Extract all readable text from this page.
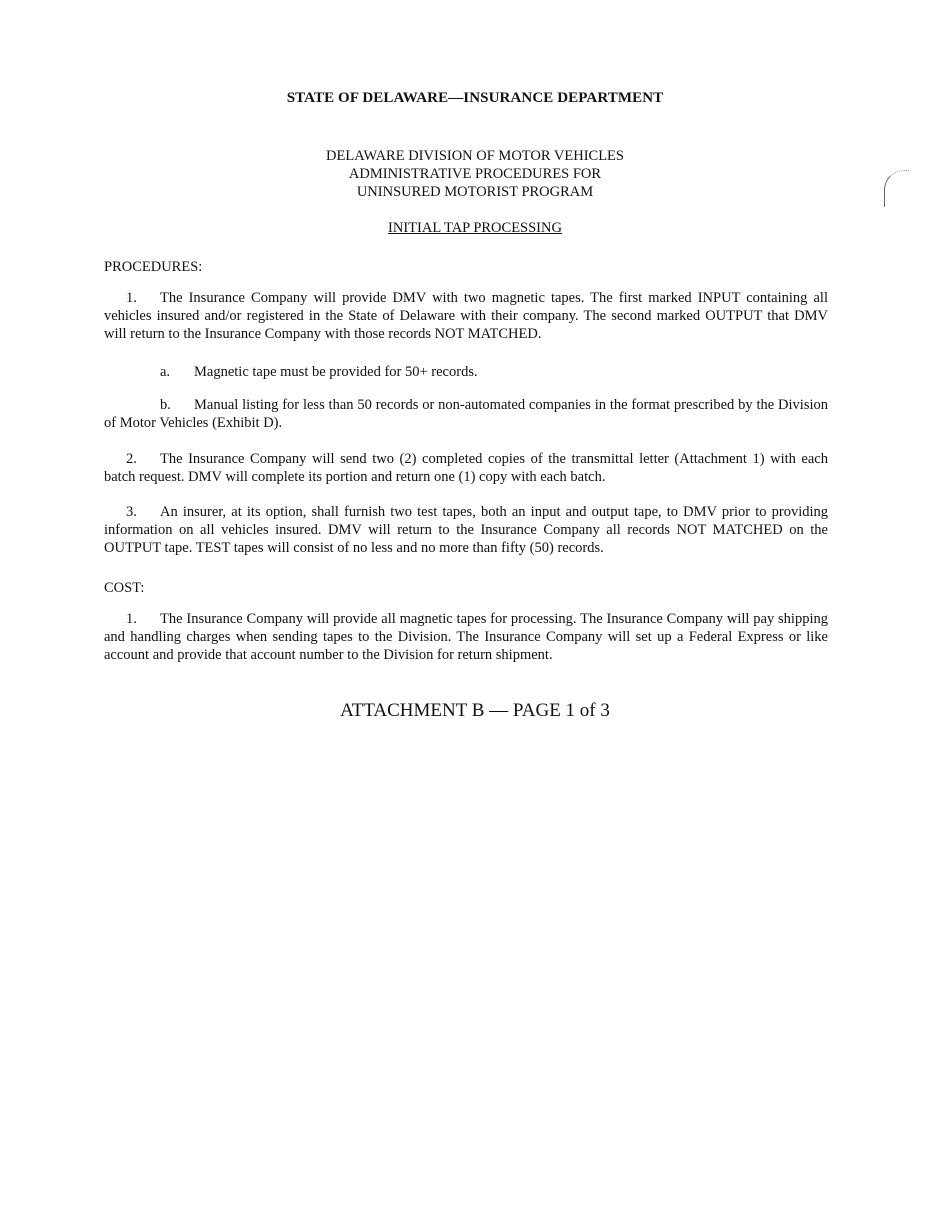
STATE OF DELAWARE—INSURANCE DEPARTMENT
DELAWARE DIVISION OF MOTOR VEHICLES
ADMINISTRATIVE PROCEDURES FOR
UNINSURED MOTORIST PROGRAM
INITIAL TAP PROCESSING
PROCEDURES:
1. The Insurance Company will provide DMV with two magnetic tapes. The first marked INPUT containing all vehicles insured and/or registered in the State of Delaware with their company. The second marked OUTPUT that DMV will return to the Insurance Company with those records NOT MATCHED.
a. Magnetic tape must be provided for 50+ records.
b. Manual listing for less than 50 records or non-automated companies in the format prescribed by the Division of Motor Vehicles (Exhibit D).
2. The Insurance Company will send two (2) completed copies of the transmittal letter (Attachment 1) with each batch request. DMV will complete its portion and return one (1) copy with each batch.
3. An insurer, at its option, shall furnish two test tapes, both an input and output tape, to DMV prior to providing information on all vehicles insured. DMV will return to the Insurance Company all records NOT MATCHED on the OUTPUT tape. TEST tapes will consist of no less and no more than fifty (50) records.
COST:
1. The Insurance Company will provide all magnetic tapes for processing. The Insurance Company will pay shipping and handling charges when sending tapes to the Division. The Insurance Company will set up a Federal Express or like account and provide that account number to the Division for return shipment.
ATTACHMENT B — PAGE 1 of 3
